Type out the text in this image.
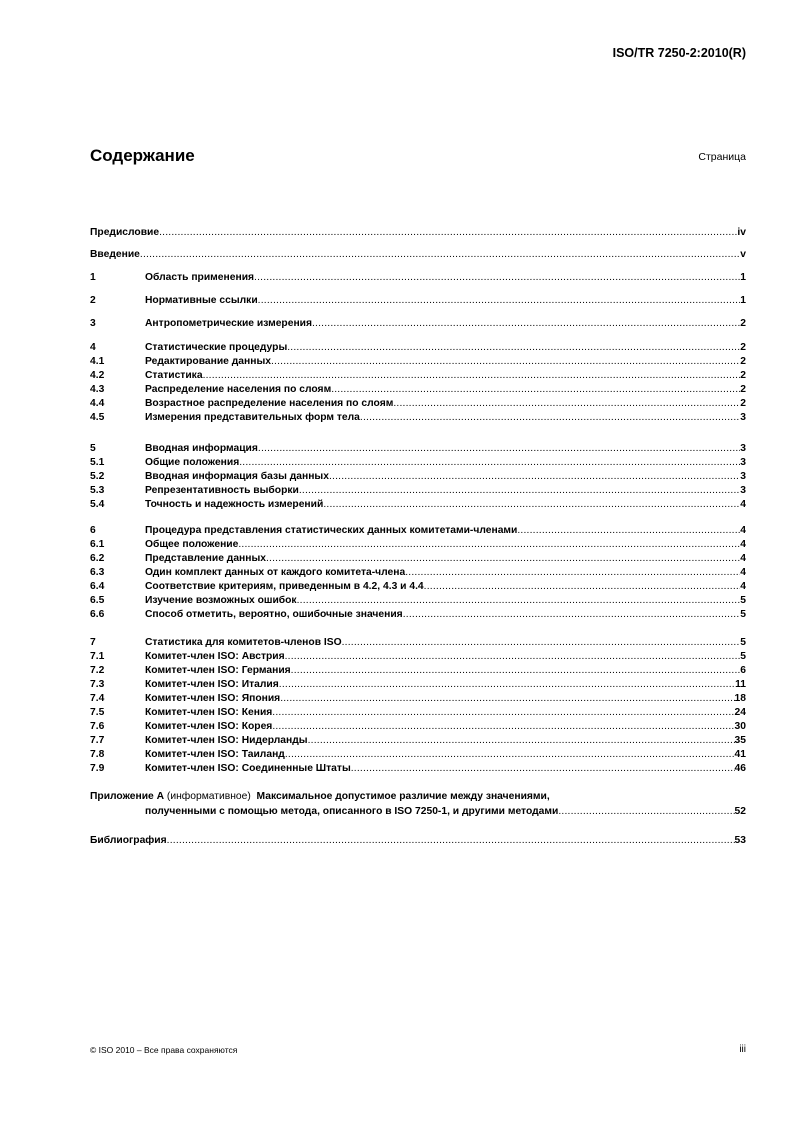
ISO/TR 7250-2:2010(R)
Содержание	Страница
Предисловие .....	iv
Введение .....	v
1	Область применения .....	1
2	Нормативные ссылки .....	1
3	Антропометрические измерения .....	2
4	Статистические процедуры .....	2
4.1	Редактирование данных .....	2
4.2	Статистика .....	2
4.3	Распределение населения по слоям .....	2
4.4	Возрастное распределение населения по слоям .....	2
4.5	Измерения представительных форм тела .....	3
5	Вводная информация .....	3
5.1	Общие положения .....	3
5.2	Вводная информация базы данных .....	3
5.3	Репрезентативность выборки .....	3
5.4	Точность и надежность измерений .....	4
6	Процедура представления статистических данных комитетами-членами .....	4
6.1	Общее положение .....	4
6.2	Представление данных .....	4
6.3	Один комплект данных от каждого комитета-члена .....	4
6.4	Соответствие критериям, приведенным в 4.2, 4.3 и 4.4 .....	4
6.5	Изучение возможных ошибок .....	5
6.6	Способ отметить, вероятно, ошибочные значения .....	5
7	Статистика для комитетов-членов ISO .....	5
7.1	Комитет-член ISO: Австрия .....	5
7.2	Комитет-член ISO: Германия .....	6
7.3	Комитет-член ISO: Италия .....	11
7.4	Комитет-член ISO: Япония .....	18
7.5	Комитет-член ISO: Кения .....	24
7.6	Комитет-член ISO: Корея .....	30
7.7	Комитет-член ISO: Нидерланды .....	35
7.8	Комитет-член ISO: Таиланд .....	41
7.9	Комитет-член ISO: Соединенные Штаты .....	46
Приложение А
(информативное)
Максимальное допустимое различие между значениями,
полученными с помощью метода, описанного в ISO 7250-1, и другими методами .....	52
Библиография .....	53
© ISO 2010 – Все права сохраняются	iii
